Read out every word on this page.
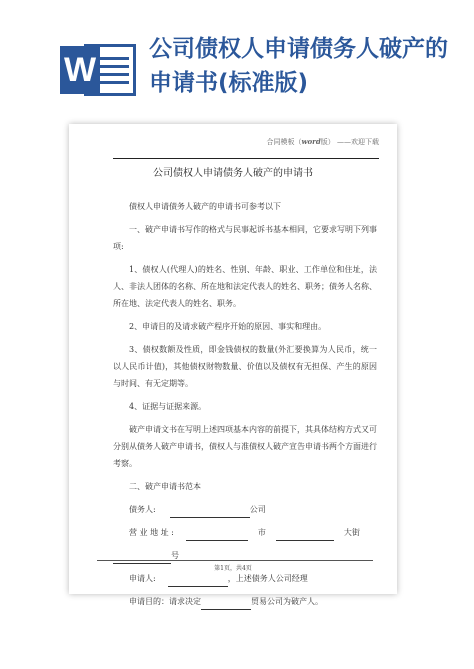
W
公司债权人申请债务人破产的申请书(标准版)
合同模板（word版） ——欢迎下载
公司债权人申请债务人破产的申请书

债权人申请债务人破产的申请书可参考以下

一、破产申请书写作的格式与民事起诉书基本相同，它要求写明下列事项:

1、债权人(代理人)的姓名、性别、年龄、职业、工作单位和住址，法人、非法人团体的名称、所在地和法定代表人的姓名、职务；债务人名称、所在地、法定代表人的姓名、职务。

2、申请目的及请求破产程序开始的原因、事实和理由。

3、债权数额及性质，即金钱债权的数量(外汇要换算为人民币，统一以人民币计值)，其他债权财物数量、价值以及债权有无担保、产生的原因与时间、有无定期等。

4、证据与证据来源。

破产申请文书在写明上述四项基本内容的前提下，其具体结构方式又可分别从债务人破产申请书，债权人与准债权人破产宣告申请书两个方面进行考察。

二、破产申请书范本

债务人:	公司

营 业 地 址 :	市	大街

号

申请人:	，上述债务人公司经理

申请目的：请求决定	贸易公司为破产人。

第1页，共4页
